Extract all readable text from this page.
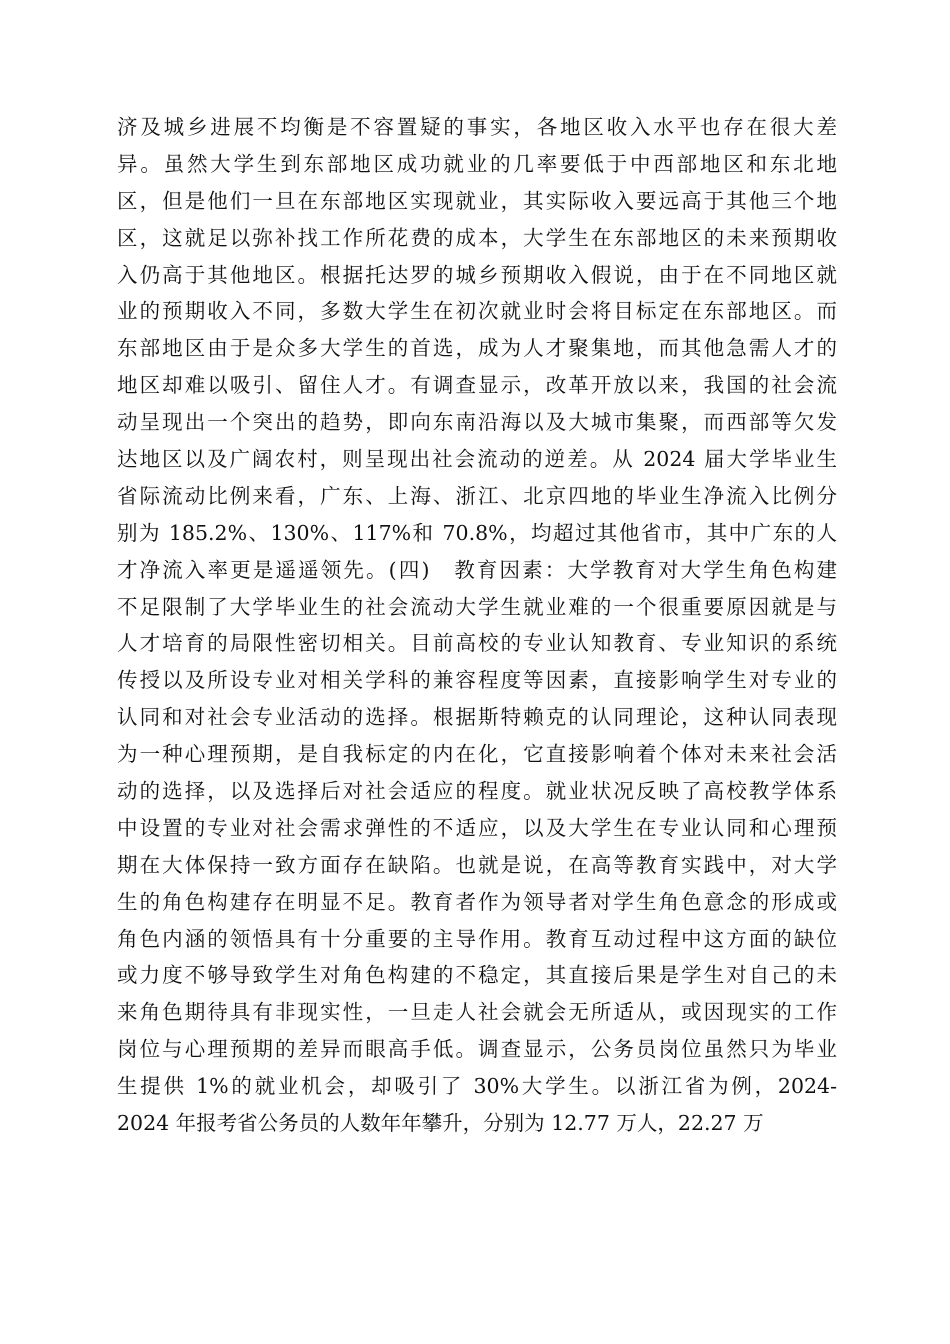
济及城乡进展不均衡是不容置疑的事实，各地区收入水平也存在很大差
异。虽然大学生到东部地区成功就业的几率要低于中西部地区和东北地
区，但是他们一旦在东部地区实现就业，其实际收入要远高于其他三个地
区，这就足以弥补找工作所花费的成本，大学生在东部地区的未来预期收
入仍高于其他地区。根据托达罗的城乡预期收入假说，由于在不同地区就
业的预期收入不同，多数大学生在初次就业时会将目标定在东部地区。而
东部地区由于是众多大学生的首选，成为人才聚集地，而其他急需人才的
地区却难以吸引、留住人才。有调查显示，改革开放以来，我国的社会流
动呈现出一个突出的趋势，即向东南沿海以及大城市集聚，而西部等欠发
达地区以及广阔农村，则呈现出社会流动的逆差。从 2024 届大学毕业生
省际流动比例来看，广东、上海、浙江、北京四地的毕业生净流入比例分
别为 185.2%、130%、117%和 70.8%，均超过其他省市，其中广东的人
才净流入率更是遥遥领先。(四)　教育因素：大学教育对大学生角色构建
不足限制了大学毕业生的社会流动大学生就业难的一个很重要原因就是与
人才培育的局限性密切相关。目前高校的专业认知教育、专业知识的系统
传授以及所设专业对相关学科的兼容程度等因素，直接影响学生对专业的
认同和对社会专业活动的选择。根据斯特赖克的认同理论，这种认同表现
为一种心理预期，是自我标定的内在化，它直接影响着个体对未来社会活
动的选择，以及选择后对社会适应的程度。就业状况反映了高校教学体系
中设置的专业对社会需求弹性的不适应，以及大学生在专业认同和心理预
期在大体保持一致方面存在缺陷。也就是说，在高等教育实践中，对大学
生的角色构建存在明显不足。教育者作为领导者对学生角色意念的形成或
角色内涵的领悟具有十分重要的主导作用。教育互动过程中这方面的缺位
或力度不够导致学生对角色构建的不稳定，其直接后果是学生对自己的未
来角色期待具有非现实性，一旦走人社会就会无所适从，或因现实的工作
岗位与心理预期的差异而眼高手低。调查显示，公务员岗位虽然只为毕业
生提供 1%的就业机会，却吸引了 30%大学生。以浙江省为例，2024-
2024 年报考省公务员的人数年年攀升，分别为 12.77 万人，22.27 万
